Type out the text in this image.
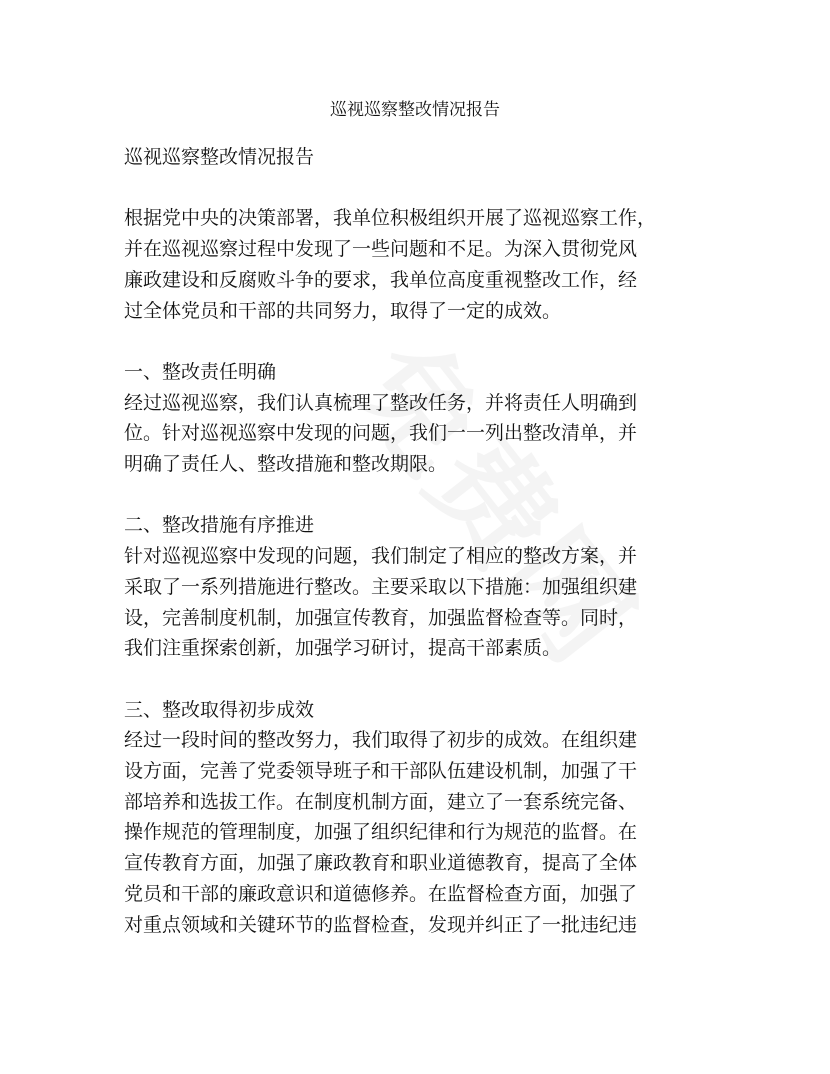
巡视巡察整改情况报告

巡视巡察整改情况报告

根据党中央的决策部署，我单位积极组织开展了巡视巡察工作，

并在巡视巡察过程中发现了一些问题和不足。为深入贯彻党风

廉政建设和反腐败斗争的要求，我单位高度重视整改工作，经

过全体党员和干部的共同努力，取得了一定的成效。

一、整改责任明确

经过巡视巡察，我们认真梳理了整改任务，并将责任人明确到

位。针对巡视巡察中发现的问题，我们一一列出整改清单，并

明确了责任人、整改措施和整改期限。

二、整改措施有序推进

针对巡视巡察中发现的问题，我们制定了相应的整改方案，并

采取了一系列措施进行整改。主要采取以下措施：加强组织建

设，完善制度机制，加强宣传教育，加强监督检查等。同时，

我们注重探索创新，加强学习研讨，提高干部素质。

三、整改取得初步成效

经过一段时间的整改努力，我们取得了初步的成效。在组织建

设方面，完善了党委领导班子和干部队伍建设机制，加强了干

部培养和选拔工作。在制度机制方面，建立了一套系统完备、

操作规范的管理制度，加强了组织纪律和行为规范的监督。在

宣传教育方面，加强了廉政教育和职业道德教育，提高了全体

党员和干部的廉政意识和道德修养。在监督检查方面，加强了

对重点领域和关键环节的监督检查，发现并纠正了一批违纪违
